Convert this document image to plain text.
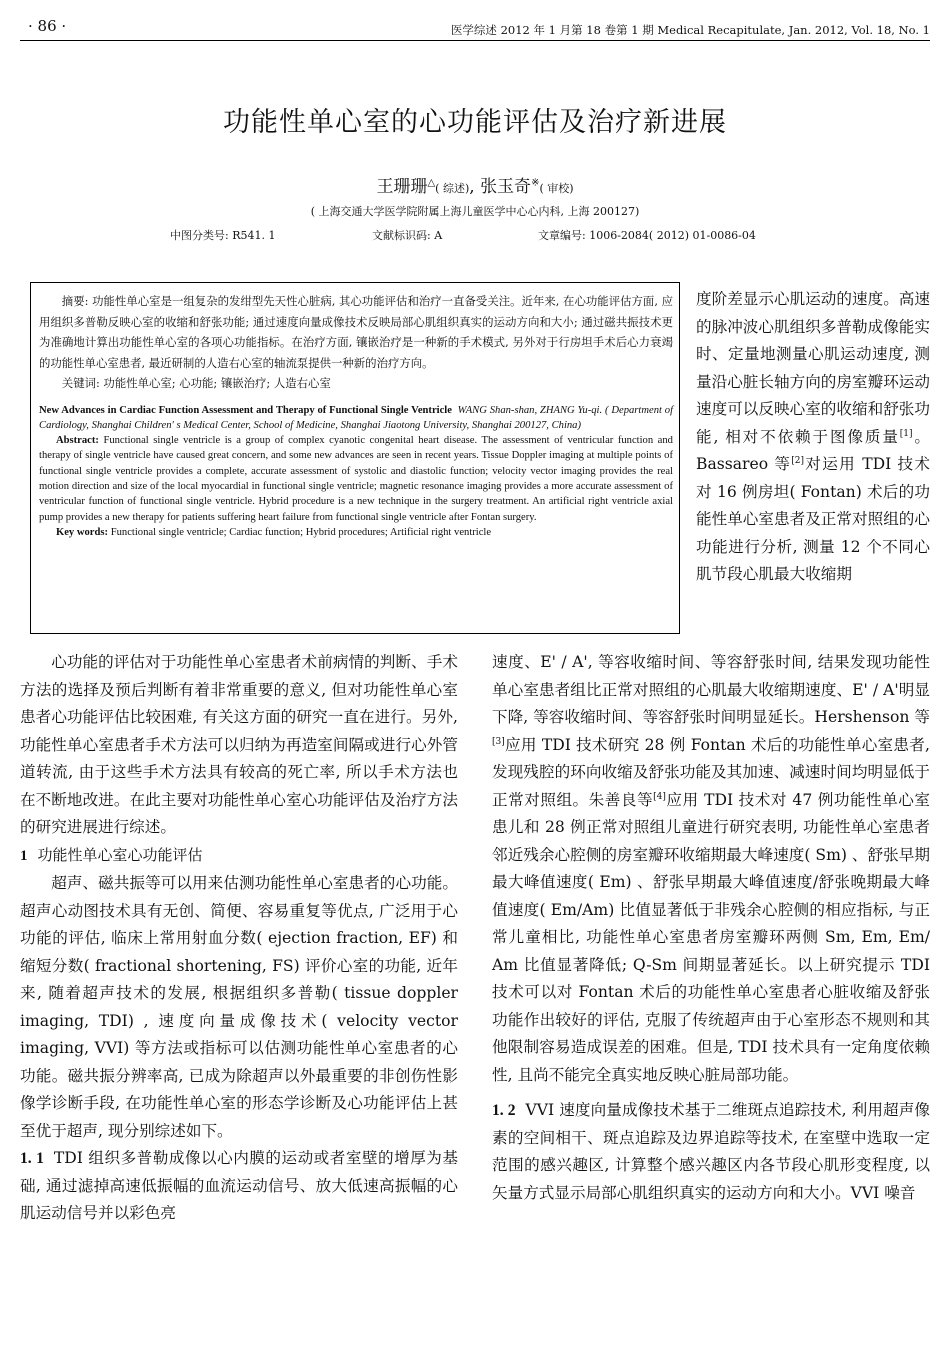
· 86 ·	医学综述 2012 年 1 月第 18 卷第 1 期 Medical Recapitulate, Jan. 2012, Vol. 18, No. 1
功能性单心室的心功能评估及治疗新进展
王珊珊△( 综述), 张玉奇※( 审校)
( 上海交通大学医学院附属上海儿童医学中心心内科, 上海 200127)
中图分类号: R541. 1	文献标识码: A	文章编号: 1006-2084( 2012) 01-0086-04

摘要: 功能性单心室是一组复杂的发绀型先天性心脏病, 其心功能评估和治疗一直备受关注。近年来, 在心功能评估方面, 应用组织多普勒反映心室的收缩和舒张功能; 通过速度向量成像技术反映局部心肌组织真实的运动方向和大小; 通过磁共振技术更为准确地计算出功能性单心室的各项心功能指标。在治疗方面, 镶嵌治疗是一种新的手术模式, 另外对于行房坦手术后心力衰竭的功能性单心室患者, 最近研制的人造右心室的轴流泵提供一种新的治疗方向。

关键词: 功能性单心室; 心功能; 镶嵌治疗; 人造右心室

New Advances in Cardiac Function Assessment and Therapy of Functional Single Ventricle WANG Shan-shan, ZHANG Yu-qi. ( Department of Cardiology, Shanghai Children' s Medical Center, School of Medicine, Shanghai Jiaotong University, Shanghai 200127, China)

Abstract: Functional single ventricle is a group of complex cyanotic congenital heart disease. The assessment of ventricular function and therapy of single ventricle have caused great concern, and some new advances are seen in recent years. Tissue Doppler imaging at multiple points of functional single ventricle provides a complete, accurate assessment of systolic and diastolic function; velocity vector imaging provides the real motion direction and size of the local myocardial in functional single ventricle; magnetic resonance imaging provides a more accurate assessment of ventricular function of functional single ventricle. Hybrid procedure is a new technique in the surgery treatment. An artificial right ventricle axial pump provides a new therapy for patients suffering heart failure from functional single ventricle after Fontan surgery.

Key words: Functional single ventricle; Cardiac function; Hybrid procedures; Artificial right ventricle

度阶差显示心肌运动的速度。高速的脉冲波心肌组织多普勒成像能实时、定量地测量心肌运动速度, 测量沿心脏长轴方向的房室瓣环运动速度可以反映心室的收缩和舒张功能, 相对不依赖于图像质量[1]。Bassareo 等[2]对运用 TDI 技术对 16 例房坦( Fontan) 术后的功能性单心室患者及正常对照组的心功能进行分析, 测量 12 个不同心肌节段心肌最大收缩期

心功能的评估对于功能性单心室患者术前病情的判断、手术方法的选择及预后判断有着非常重要的意义, 但对功能性单心室患者心功能评估比较困难, 有关这方面的研究一直在进行。另外, 功能性单心室患者手术方法可以归纳为再造室间隔或进行心外管道转流, 由于这些手术方法具有较高的死亡率, 所以手术方法也在不断地改进。在此主要对功能性单心室心功能评估及治疗方法的研究进展进行综述。

1 功能性单心室心功能评估

超声、磁共振等可以用来估测功能性单心室患者的心功能。超声心动图技术具有无创、简便、容易重复等优点, 广泛用于心功能的评估, 临床上常用射血分数( ejection fraction, EF) 和缩短分数( fractional shortening, FS) 评价心室的功能, 近年来, 随着超声技术的发展, 根据组织多普勒( tissue doppler imaging, TDI) , 速度向量成像技术( velocity vector imaging, VVI) 等方法或指标可以估测功能性单心室患者的心功能。磁共振分辨率高, 已成为除超声以外最重要的非创伤性影像学诊断手段, 在功能性单心室的形态学诊断及心功能评估上甚至优于超声, 现分别综述如下。

1. 1 TDI 组织多普勒成像以心内膜的运动或者室壁的增厚为基础, 通过滤掉高速低振幅的血流运动信号、放大低速高振幅的心肌运动信号并以彩色亮

速度、E' / A', 等容收缩时间、等容舒张时间, 结果发现功能性单心室患者组比正常对照组的心肌最大收缩期速度、E' / A'明显下降, 等容收缩时间、等容舒张时间明显延长。Hershenson 等[3]应用 TDI 技术研究 28 例 Fontan 术后的功能性单心室患者, 发现残腔的环向收缩及舒张功能及其加速、减速时间均明显低于正常对照组。朱善良等[4]应用 TDI 技术对 47 例功能性单心室患儿和 28 例正常对照组儿童进行研究表明, 功能性单心室患者邻近残余心腔侧的房室瓣环收缩期最大峰速度( Sm) 、舒张早期最大峰值速度( Em) 、舒张早期最大峰值速度/舒张晚期最大峰值速度( Em/Am) 比值显著低于非残余心腔侧的相应指标, 与正常儿童相比, 功能性单心室患者房室瓣环两侧 Sm, Em, Em/ Am 比值显著降低; Q-Sm 间期显著延长。以上研究提示 TDI 技术可以对 Fontan 术后的功能性单心室患者心脏收缩及舒张功能作出较好的评估, 克服了传统超声由于心室形态不规则和其他限制容易造成误差的困难。但是, TDI 技术具有一定角度依赖性, 且尚不能完全真实地反映心脏局部功能。

1. 2 VVI 速度向量成像技术基于二维斑点追踪技术, 利用超声像素的空间相干、斑点追踪及边界追踪等技术, 在室壁中选取一定范围的感兴趣区, 计算整个感兴趣区内各节段心肌形变程度, 以矢量方式显示局部心肌组织真实的运动方向和大小。VVI 噪音
